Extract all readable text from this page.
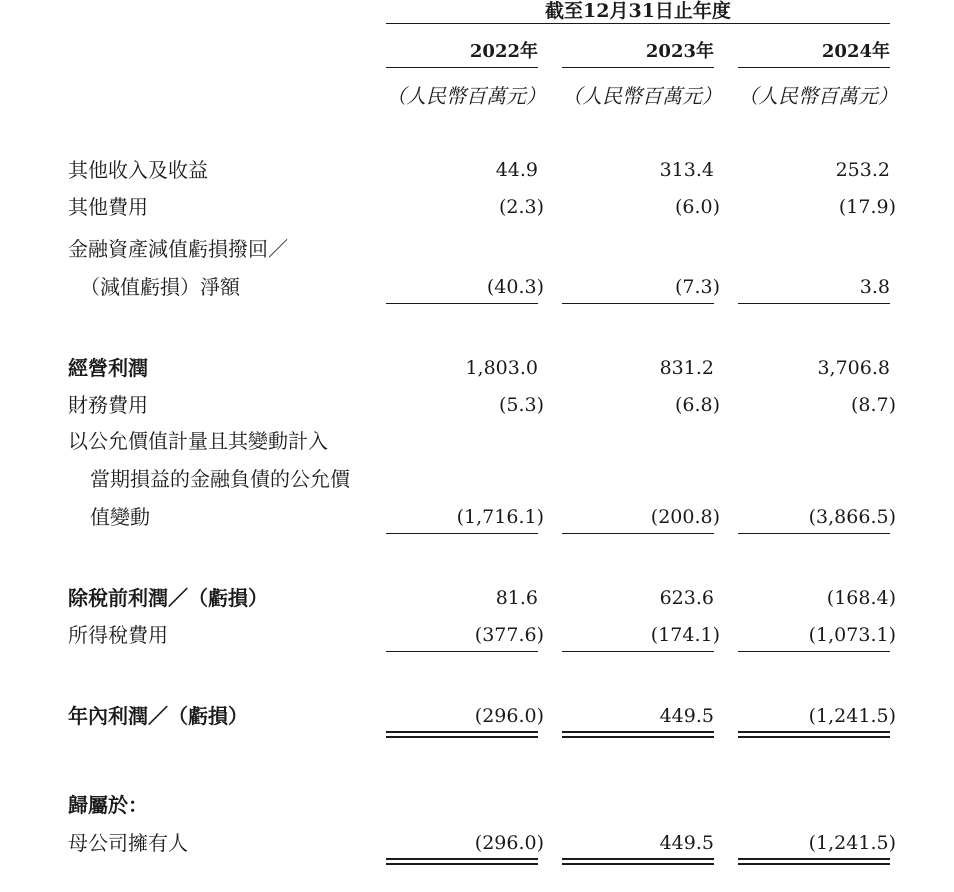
截至12月31日止年度
2022年	2023年	2024年
（人民幣百萬元） （人民幣百萬元） （人民幣百萬元）
其他收入及收益	44.9	313.4	253.2
其他費用	(2.3)	(6.0)	(17.9)
金融資產減值虧損撥回／
（減值虧損）淨額	(40.3)	(7.3)	3.8
經營利潤	1,803.0	831.2	3,706.8
財務費用	(5.3)	(6.8)	(8.7)
以公允價值計量且其變動計入
當期損益的金融負債的公允價
值變動	(1,716.1)	(200.8)	(3,866.5)
除稅前利潤／（虧損）	81.6	623.6	(168.4)
所得稅費用	(377.6)	(174.1)	(1,073.1)
年內利潤／（虧損）	(296.0)	449.5	(1,241.5)
歸屬於：
母公司擁有人	(296.0)	449.5	(1,241.5)
